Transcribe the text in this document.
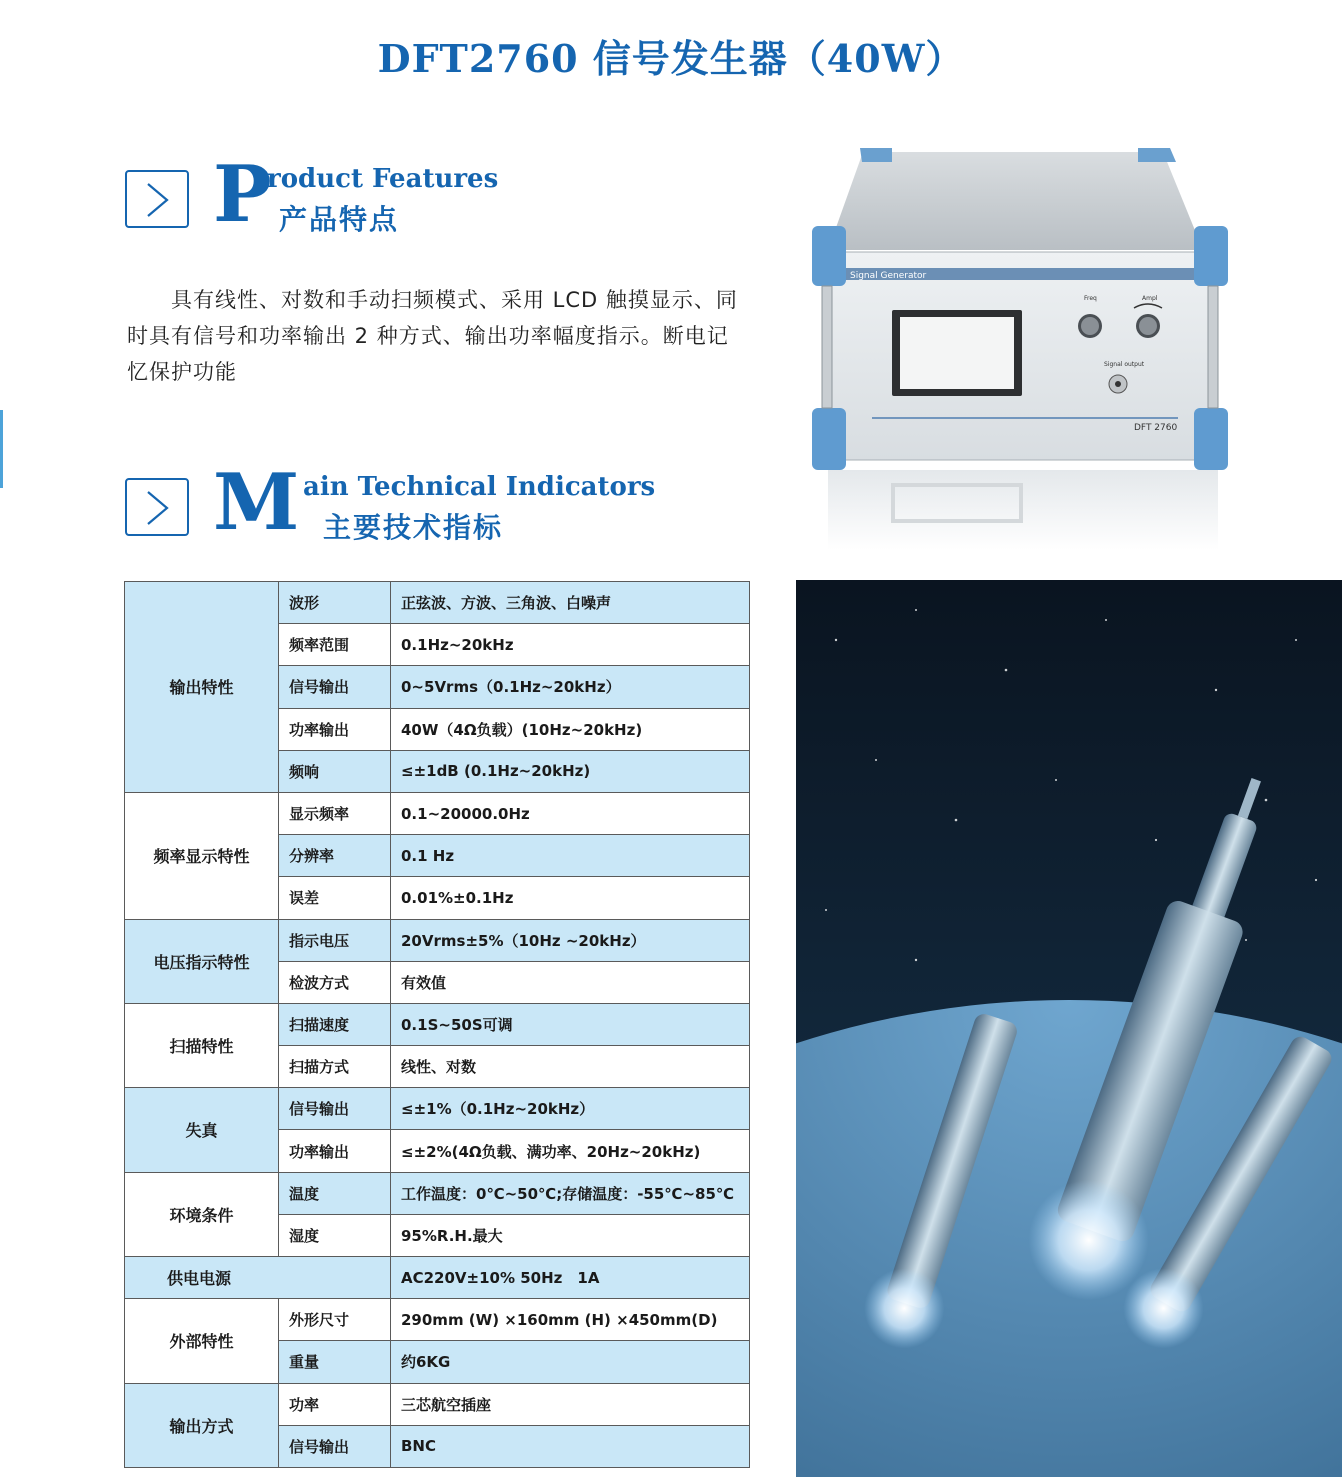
DFT2760 信号发生器（40W）
P
roduct Features
产品特点

具有线性、对数和手动扫频模式、采用 LCD 触摸显示、同时具有信号和功率输出 2 种方式、输出功率幅度指示。断电记忆保护功能

M ain Technical Indicators
主要技术指标
Signal Generator
Freq	Ampl
Signal output
DFT 2760
输出特性	波形	正弦波、方波、三角波、白噪声
	频率范围	0.1Hz~20kHz
	信号输出	0~5Vrms（0.1Hz~20kHz）
	功率输出	40W（4Ω负载）(10Hz~20kHz)
	频响	≤±1dB (0.1Hz~20kHz)
频率显示特性	显示频率	0.1~20000.0Hz
	分辨率	0.1 Hz
	误差	0.01%±0.1Hz
电压指示特性	指示电压	20Vrms±5%（10Hz ~20kHz）
	检波方式	有效值
扫描特性	扫描速度	0.1S~50S可调
	扫描方式	线性、对数
失真	信号输出	≤±1%（0.1Hz~20kHz）
	功率输出	≤±2%(4Ω负载、满功率、20Hz~20kHz)
环境条件	温度	工作温度：0℃~50℃;存储温度：-55℃~85℃
	湿度	95%R.H.最大
供电电源		AC220V±10% 50Hz　1A
外部特性	外形尺寸	290mm (W) ×160mm (H) ×450mm(D)
	重量	约6KG
输出方式	功率	三芯航空插座
	信号输出	BNC
